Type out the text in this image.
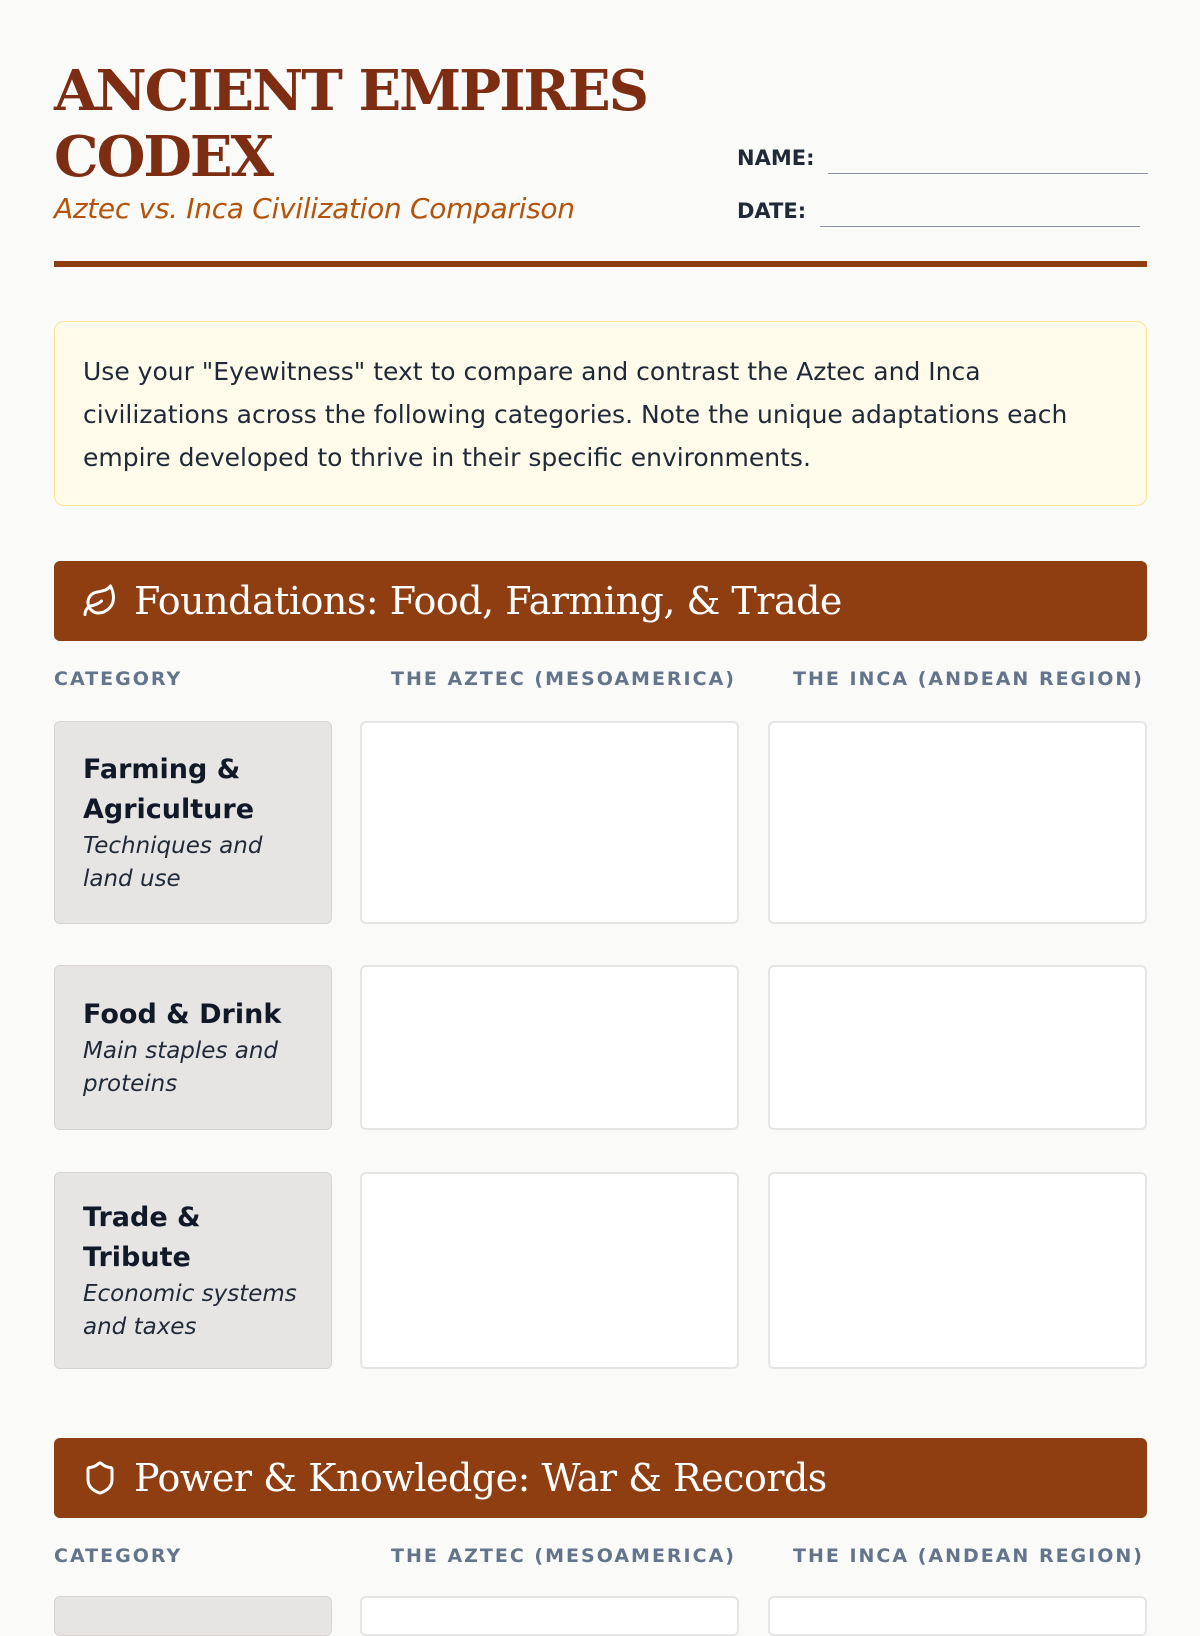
ANCIENT EMPIRES CODEX
Aztec vs. Inca Civilization Comparison
NAME:
DATE:
Use your "Eyewitness" text to compare and contrast the Aztec and Inca civilizations across the following categories. Note the unique adaptations each empire developed to thrive in their specific environments.
Foundations: Food, Farming, & Trade
CATEGORY	THE AZTEC (MESOAMERICA)	THE INCA (ANDEAN REGION)
Farming & Agriculture
Techniques and land use
Food & Drink
Main staples and proteins
Trade & Tribute
Economic systems and taxes
Power & Knowledge: War & Records
CATEGORY	THE AZTEC (MESOAMERICA)	THE INCA (ANDEAN REGION)
